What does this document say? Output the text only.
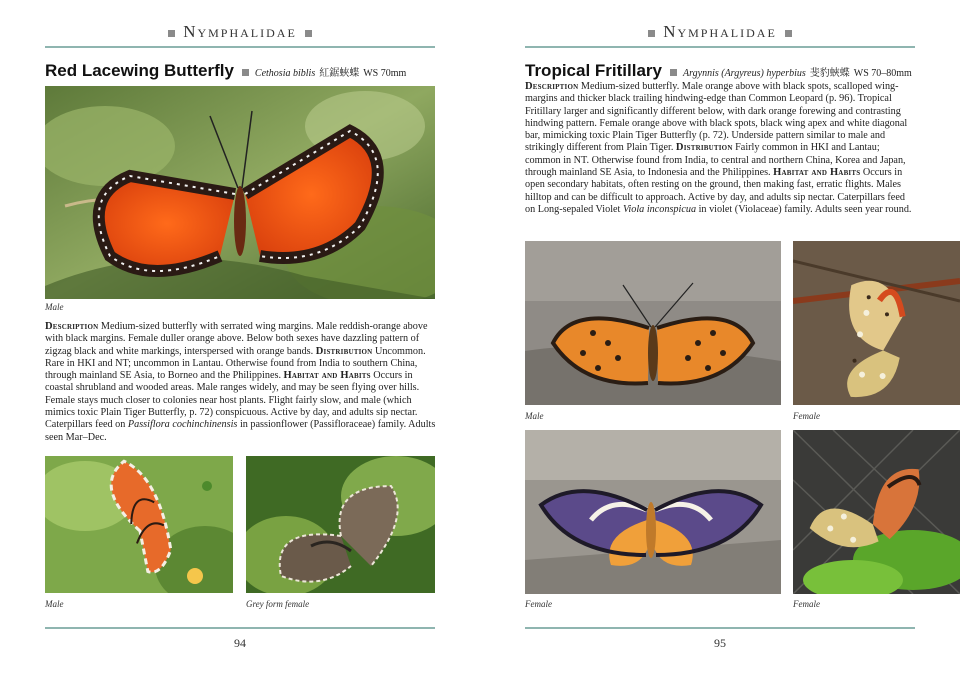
Nymphalidae
Red Lacewing Butterfly Cethosia biblis 紅鋸蛺蝶 WS 70mm
Male
Description Medium-sized butterfly with serrated wing margins. Male reddish-orange above with black margins. Female duller orange above. Below both sexes have dazzling pattern of zigzag black and white markings, interspersed with orange bands. Distribution Uncommon. Rare in HKI and NT; uncommon in Lantau. Otherwise found from India to southern China, through mainland SE Asia, to Borneo and the Philippines. Habitat and Habits Occurs in coastal shrubland and wooded areas. Male ranges widely, and may be seen flying over hills. Female stays much closer to colonies near host plants. Flight fairly slow, and male (which mimics toxic Plain Tiger Butterfly, p. 72) conspicuous. Active by day, and adults sip nectar. Caterpillars feed on Passiflora cochinchinensis in passionflower (Passifloraceae) family. Adults seen Mar–Dec.
Male	Grey form female
94
Nymphalidae
Tropical Fritillary Argynnis (Argyreus) hyperbius 斐豹蛺蝶 WS 70–80mm
Description Medium-sized butterfly. Male orange above with black spots, scalloped wing-margins and thicker black trailing hindwing-edge than Common Leopard (p. 96). Tropical Fritillary larger and significantly different below, with dark orange forewing and contrasting hindwing pattern. Female orange above with black spots, black wing apex and white diagonal bar, mimicking toxic Plain Tiger Butterfly (p. 72). Underside pattern similar to male and strikingly different from Plain Tiger. Distribution Fairly common in HKI and Lantau; common in NT. Otherwise found from India, to central and northern China, Korea and Japan, through mainland SE Asia, to Indonesia and the Philippines. Habitat and Habits Occurs in open secondary habitats, often resting on the ground, then making fast, erratic flights. Males hilltop and can be difficult to approach. Active by day, and adults sip nectar. Caterpillars feed on Long-sepaled Violet Viola inconspicua in violet (Violaceae) family. Adults seen year round.
Male	Female
Female	Female
95
